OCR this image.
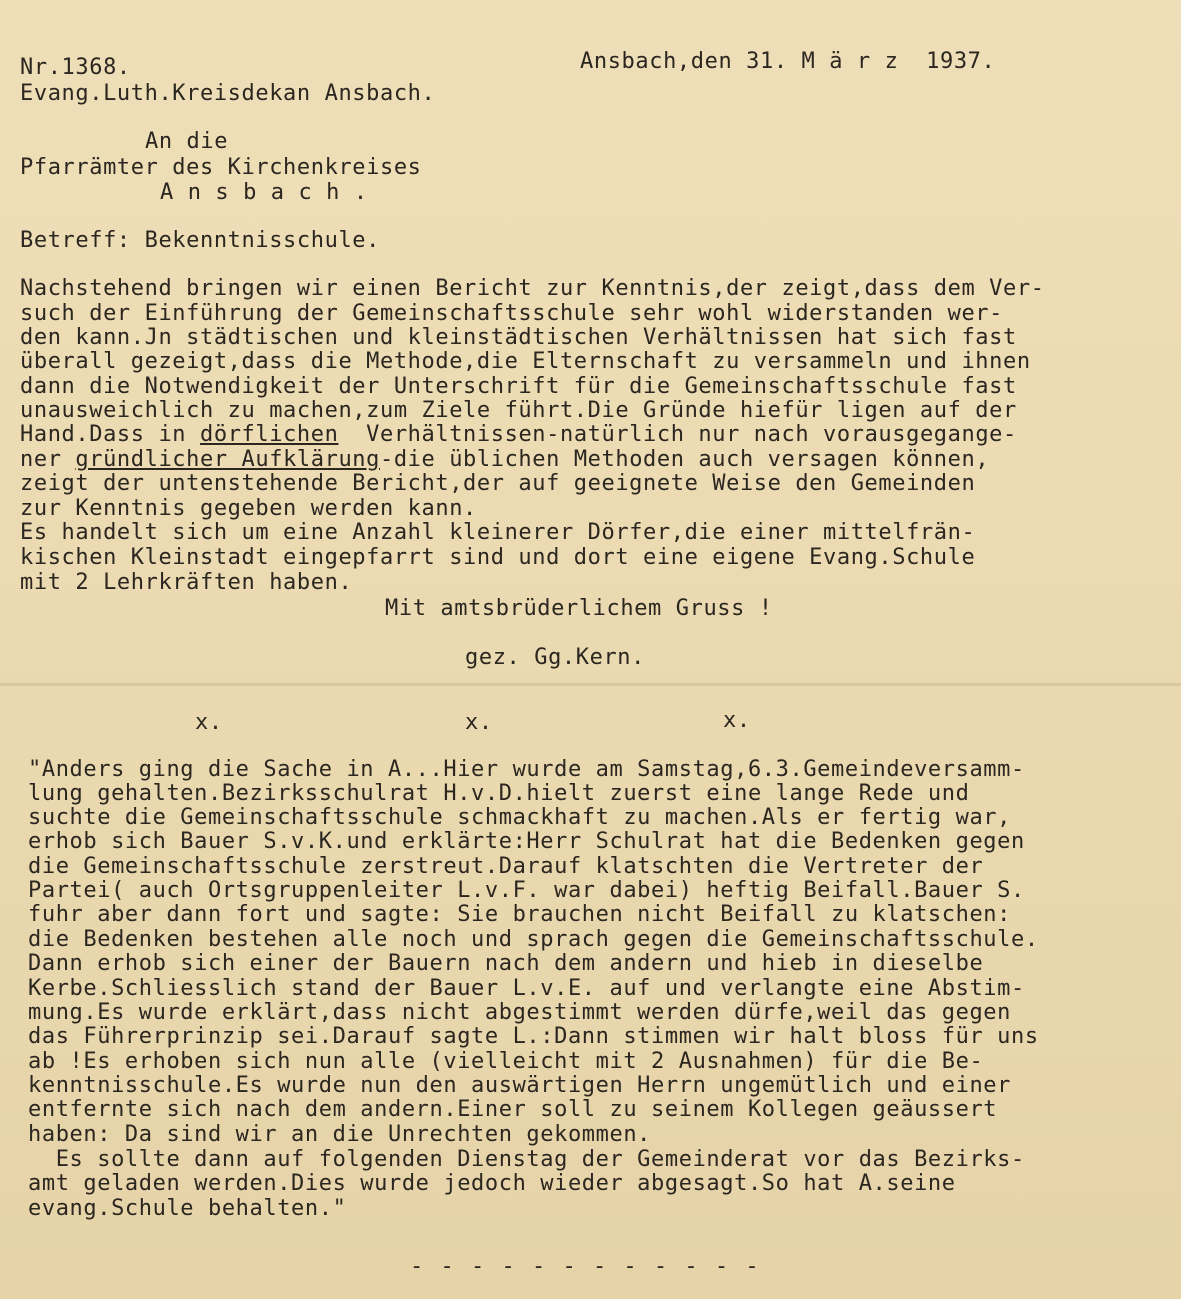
Nr.1368.	Ansbach,den 31. M ä r z  1937.
Evang.Luth.Kreisdekan Ansbach.
An die
Pfarrämter des Kirchenkreises
A n s b a c h .
Betreff: Bekenntnisschule.
Nachstehend bringen wir einen Bericht zur Kenntnis,der zeigt,dass dem Ver-
such der Einführung der Gemeinschaftsschule sehr wohl widerstanden wer-
den kann.Jn städtischen und kleinstädtischen Verhältnissen hat sich fast
überall gezeigt,dass die Methode,die Elternschaft zu versammeln und ihnen
dann die Notwendigkeit der Unterschrift für die Gemeinschaftsschule fast
unausweichlich zu machen,zum Ziele führt.Die Gründe hiefür ligen auf der
Hand.Dass in dörflichen  Verhältnissen-natürlich nur nach vorausgegange-
ner gründlicher Aufklärung-die üblichen Methoden auch versagen können,
zeigt der untenstehende Bericht,der auf geeignete Weise den Gemeinden
zur Kenntnis gegeben werden kann.
Es handelt sich um eine Anzahl kleinerer Dörfer,die einer mittelfrän-
kischen Kleinstadt eingepfarrt sind und dort eine eigene Evang.Schule
mit 2 Lehrkräften haben.
Mit amtsbrüderlichem Gruss !
gez. Gg.Kern.
x.	x.	x.
"Anders ging die Sache in A...Hier wurde am Samstag,6.3.Gemeindeversamm-
lung gehalten.Bezirksschulrat H.v.D.hielt zuerst eine lange Rede und
suchte die Gemeinschaftsschule schmackhaft zu machen.Als er fertig war,
erhob sich Bauer S.v.K.und erklärte:Herr Schulrat hat die Bedenken gegen
die Gemeinschaftsschule zerstreut.Darauf klatschten die Vertreter der
Partei( auch Ortsgruppenleiter L.v.F. war dabei) heftig Beifall.Bauer S.
fuhr aber dann fort und sagte: Sie brauchen nicht Beifall zu klatschen:
die Bedenken bestehen alle noch und sprach gegen die Gemeinschaftsschule.
Dann erhob sich einer der Bauern nach dem andern und hieb in dieselbe
Kerbe.Schliesslich stand der Bauer L.v.E. auf und verlangte eine Abstim-
mung.Es wurde erklärt,dass nicht abgestimmt werden dürfe,weil das gegen
das Führerprinzip sei.Darauf sagte L.:Dann stimmen wir halt bloss für uns
ab !Es erhoben sich nun alle (vielleicht mit 2 Ausnahmen) für die Be-
kenntnisschule.Es wurde nun den auswärtigen Herrn ungemütlich und einer
entfernte sich nach dem andern.Einer soll zu seinem Kollegen geäussert
haben: Da sind wir an die Unrechten gekommen.
Es sollte dann auf folgenden Dienstag der Gemeinderat vor das Bezirks-
amt geladen werden.Dies wurde jedoch wieder abgesagt.So hat A.seine
evang.Schule behalten."
- - - - - - - - - - - -
